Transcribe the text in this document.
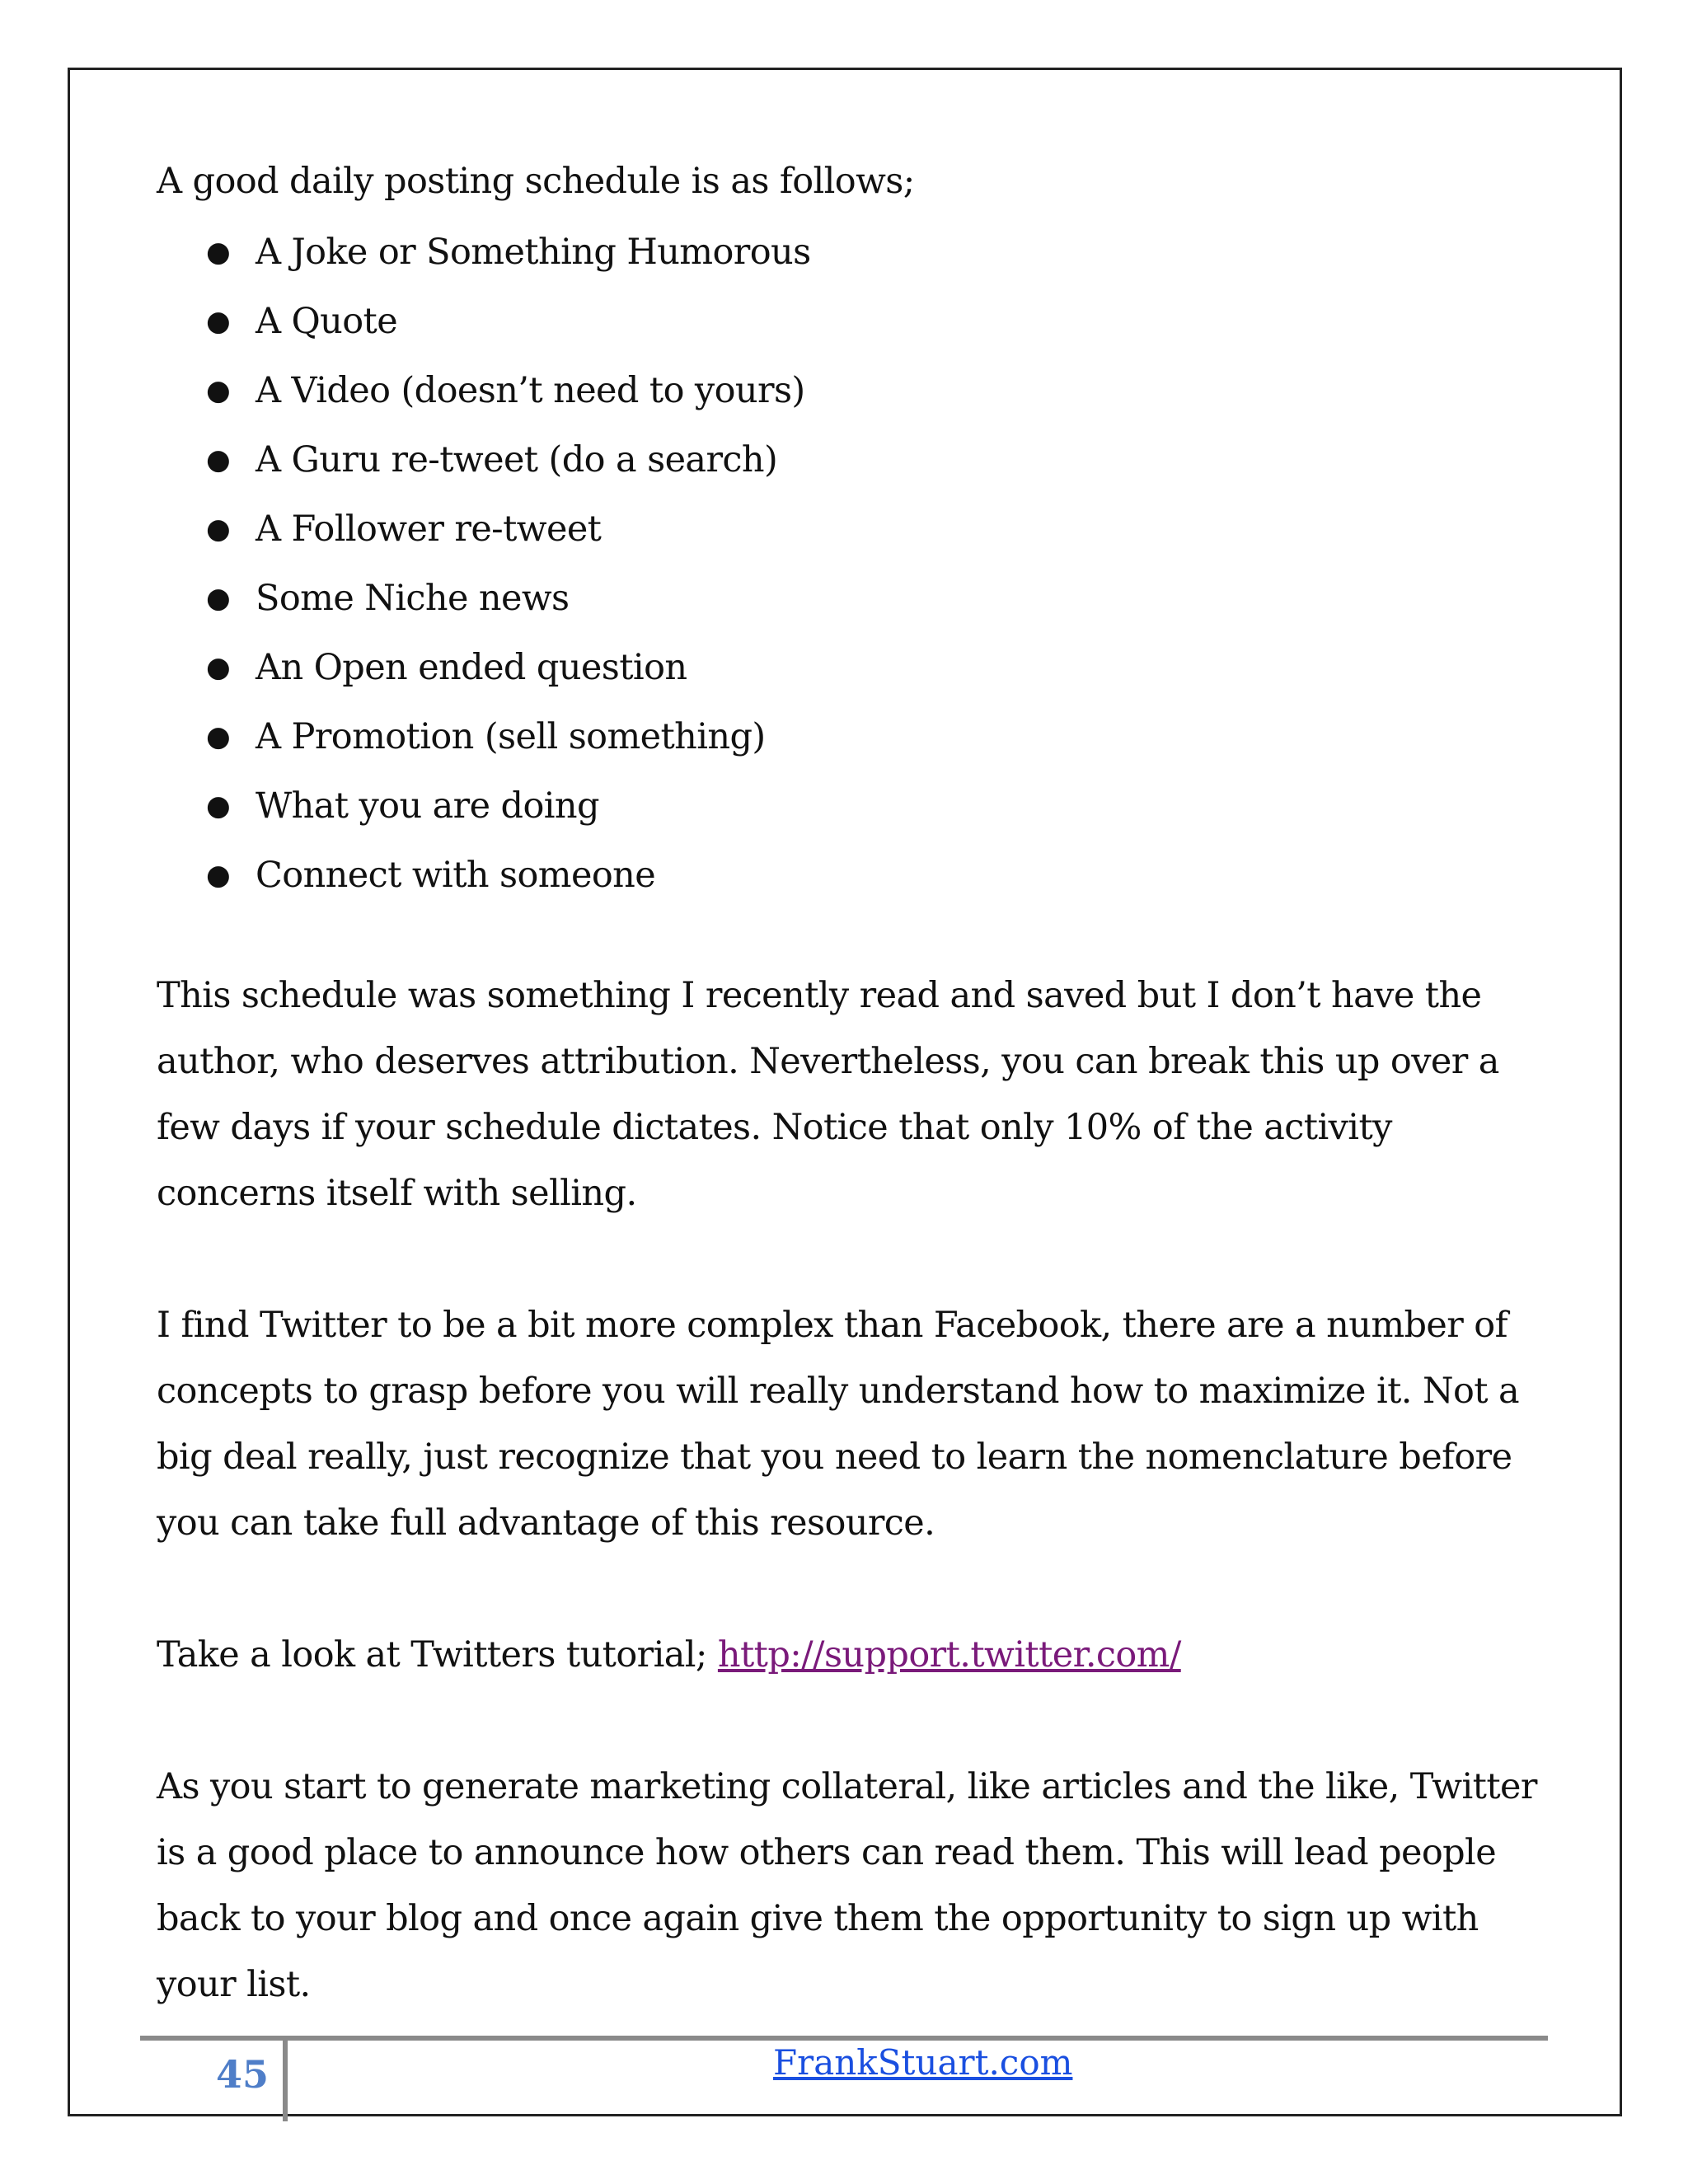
A good daily posting schedule is as follows;

● A Joke or Something Humorous
● A Quote
● A Video (doesn’t need to yours)
● A Guru re-tweet (do a search)
● A Follower re-tweet
● Some Niche news
● An Open ended question
● A Promotion (sell something)
● What you are doing
● Connect with someone

This schedule was something I recently read and saved but I don’t have the author, who deserves attribution. Nevertheless, you can break this up over a few days if your schedule dictates. Notice that only 10% of the activity concerns itself with selling.

I find Twitter to be a bit more complex than Facebook, there are a number of concepts to grasp before you will really understand how to maximize it. Not a big deal really, just recognize that you need to learn the nomenclature before you can take full advantage of this resource.

Take a look at Twitters tutorial; http://support.twitter.com/

As you start to generate marketing collateral, like articles and the like, Twitter is a good place to announce how others can read them. This will lead people back to your blog and once again give them the opportunity to sign up with your list.

45	FrankStuart.com
